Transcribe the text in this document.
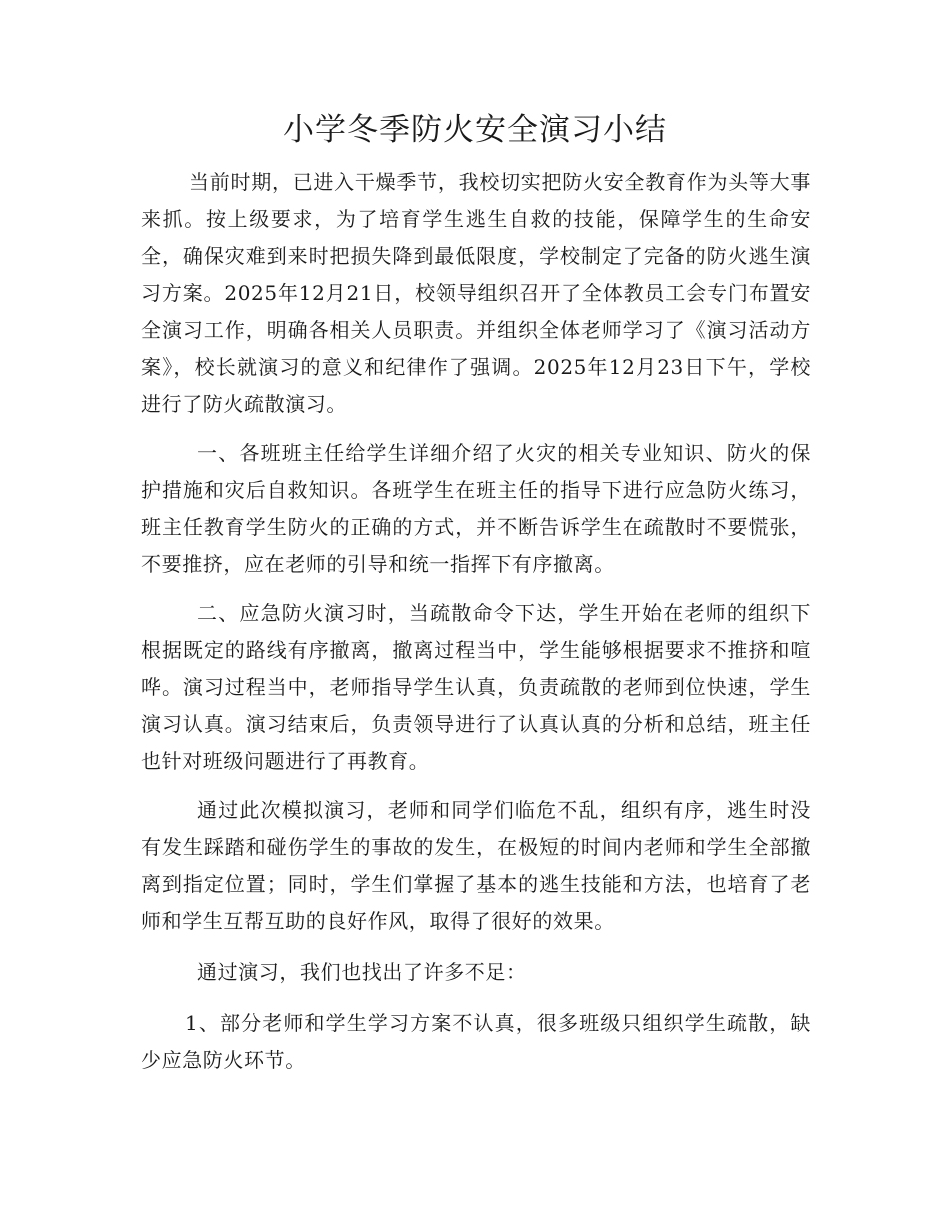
小学冬季防火安全演习小结

当前时期，已进入干燥季节，我校切实把防火安全教育作为头等大事来抓。按上级要求，为了培育学生逃生自救的技能，保障学生的生命安全，确保灾难到来时把损失降到最低限度，学校制定了完备的防火逃生演习方案。2025年12月21日，校领导组织召开了全体教员工会专门布置安全演习工作，明确各相关人员职责。并组织全体老师学习了《演习活动方案》，校长就演习的意义和纪律作了强调。2025年12月23日下午，学校进行了防火疏散演习。

一、各班班主任给学生详细介绍了火灾的相关专业知识、防火的保护措施和灾后自救知识。各班学生在班主任的指导下进行应急防火练习，班主任教育学生防火的正确的方式，并不断告诉学生在疏散时不要慌张，不要推挤，应在老师的引导和统一指挥下有序撤离。

二、应急防火演习时，当疏散命令下达，学生开始在老师的组织下根据既定的路线有序撤离，撤离过程当中，学生能够根据要求不推挤和喧哗。演习过程当中，老师指导学生认真，负责疏散的老师到位快速，学生演习认真。演习结束后，负责领导进行了认真认真的分析和总结，班主任也针对班级问题进行了再教育。

通过此次模拟演习，老师和同学们临危不乱，组织有序，逃生时没有发生踩踏和碰伤学生的事故的发生，在极短的时间内老师和学生全部撤离到指定位置；同时，学生们掌握了基本的逃生技能和方法，也培育了老师和学生互帮互助的良好作风，取得了很好的效果。

通过演习，我们也找出了许多不足：

1、部分老师和学生学习方案不认真，很多班级只组织学生疏散，缺少应急防火环节。
